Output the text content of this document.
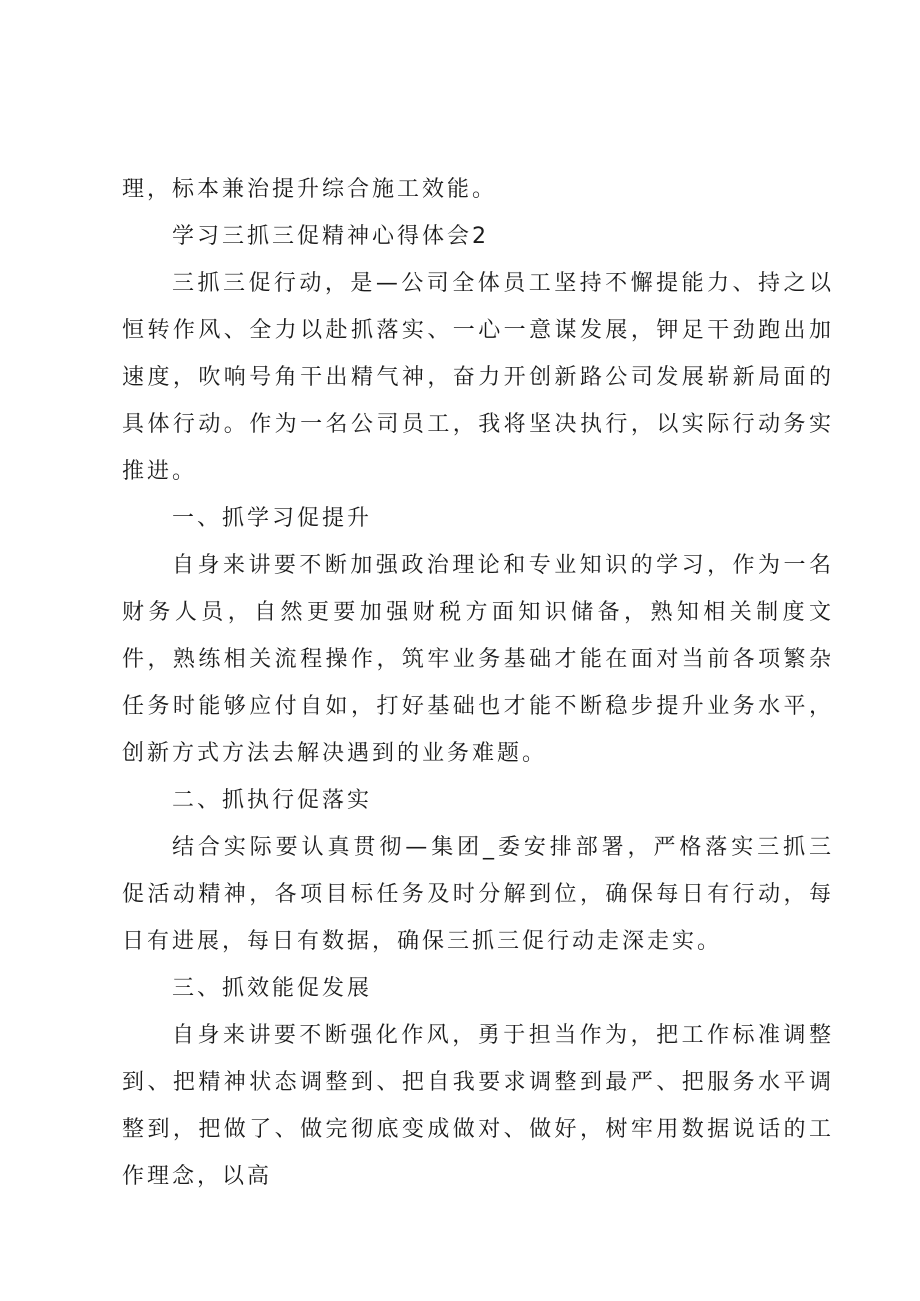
理，标本兼治提升综合施工效能。

学习三抓三促精神心得体会2

三抓三促行动，是—公司全体员工坚持不懈提能力、持之以恒转作风、全力以赴抓落实、一心一意谋发展，钾足干劲跑出加速度，吹响号角干出精气神，奋力开创新路公司发展崭新局面的具体行动。作为一名公司员工，我将坚决执行，以实际行动务实推进。

一、抓学习促提升

自身来讲要不断加强政治理论和专业知识的学习，作为一名财务人员，自然更要加强财税方面知识储备，熟知相关制度文件，熟练相关流程操作，筑牢业务基础才能在面对当前各项繁杂任务时能够应付自如，打好基础也才能不断稳步提升业务水平，创新方式方法去解决遇到的业务难题。

二、抓执行促落实

结合实际要认真贯彻—集团_委安排部署，严格落实三抓三促活动精神，各项目标任务及时分解到位，确保每日有行动，每日有进展，每日有数据，确保三抓三促行动走深走实。

三、抓效能促发展

自身来讲要不断强化作风，勇于担当作为，把工作标准调整到、把精神状态调整到、把自我要求调整到最严、把服务水平调整到，把做了、做完彻底变成做对、做好，树牢用数据说话的工作理念，以高
